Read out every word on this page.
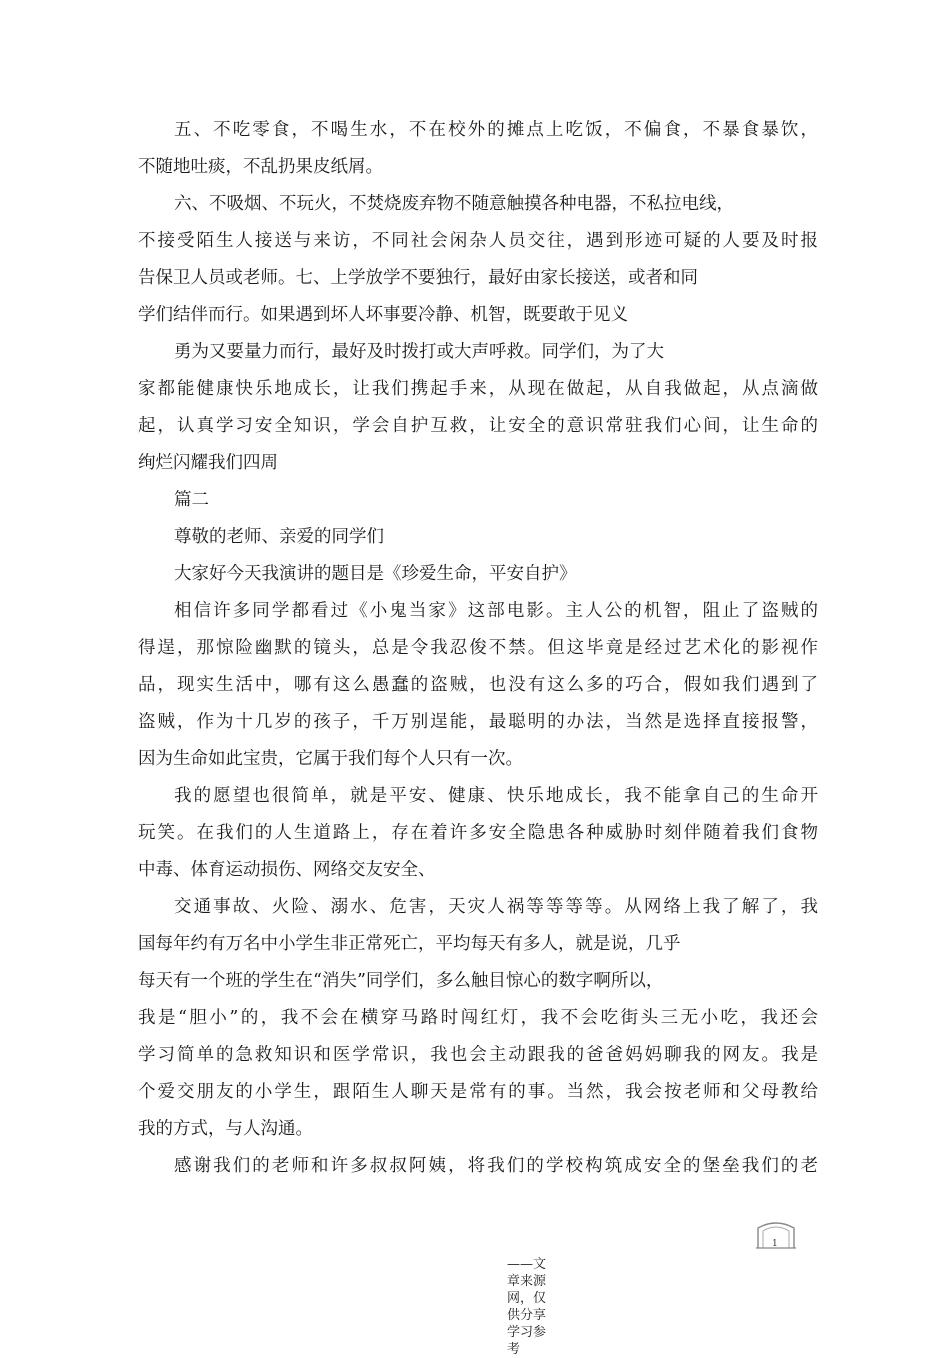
五、不吃零食，不喝生水，不在校外的摊点上吃饭，不偏食，不暴食暴饮，
不随地吐痰，不乱扔果皮纸屑。
六、不吸烟、不玩火，不焚烧废弃物不随意触摸各种电器，不私拉电线，
不接受陌生人接送与来访，不同社会闲杂人员交往，遇到形迹可疑的人要及时报
告保卫人员或老师。七、上学放学不要独行，最好由家长接送，或者和同
学们结伴而行。如果遇到坏人坏事要冷静、机智，既要敢于见义
勇为又要量力而行，最好及时拨打或大声呼救。同学们，为了大
家都能健康快乐地成长，让我们携起手来，从现在做起，从自我做起，从点滴做
起，认真学习安全知识，学会自护互救，让安全的意识常驻我们心间，让生命的
绚烂闪耀我们四周
篇二
尊敬的老师、亲爱的同学们
大家好今天我演讲的题目是《珍爱生命，平安自护》
相信许多同学都看过《小鬼当家》这部电影。主人公的机智，阻止了盗贼的
得逞，那惊险幽默的镜头，总是令我忍俊不禁。但这毕竟是经过艺术化的影视作
品，现实生活中，哪有这么愚蠢的盗贼，也没有这么多的巧合，假如我们遇到了
盗贼，作为十几岁的孩子，千万别逞能，最聪明的办法，当然是选择直接报警，
因为生命如此宝贵，它属于我们每个人只有一次。
我的愿望也很简单，就是平安、健康、快乐地成长，我不能拿自己的生命开
玩笑。在我们的人生道路上，存在着许多安全隐患各种威胁时刻伴随着我们食物
中毒、体育运动损伤、网络交友安全、
交通事故、火险、溺水、危害，天灾人祸等等等等。从网络上我了解了，我
国每年约有万名中小学生非正常死亡，平均每天有多人，就是说，几乎
每天有一个班的学生在“消失”同学们，多么触目惊心的数字啊所以，
我是“胆小”的，我不会在横穿马路时闯红灯，我不会吃街头三无小吃，我还会
学习简单的急救知识和医学常识，我也会主动跟我的爸爸妈妈聊我的网友。我是
个爱交朋友的小学生，跟陌生人聊天是常有的事。当然，我会按老师和父母教给
我的方式，与人沟通。
感谢我们的老师和许多叔叔阿姨，将我们的学校构筑成安全的堡垒我们的老
1
——文章来源网，仅供分享学习参考
